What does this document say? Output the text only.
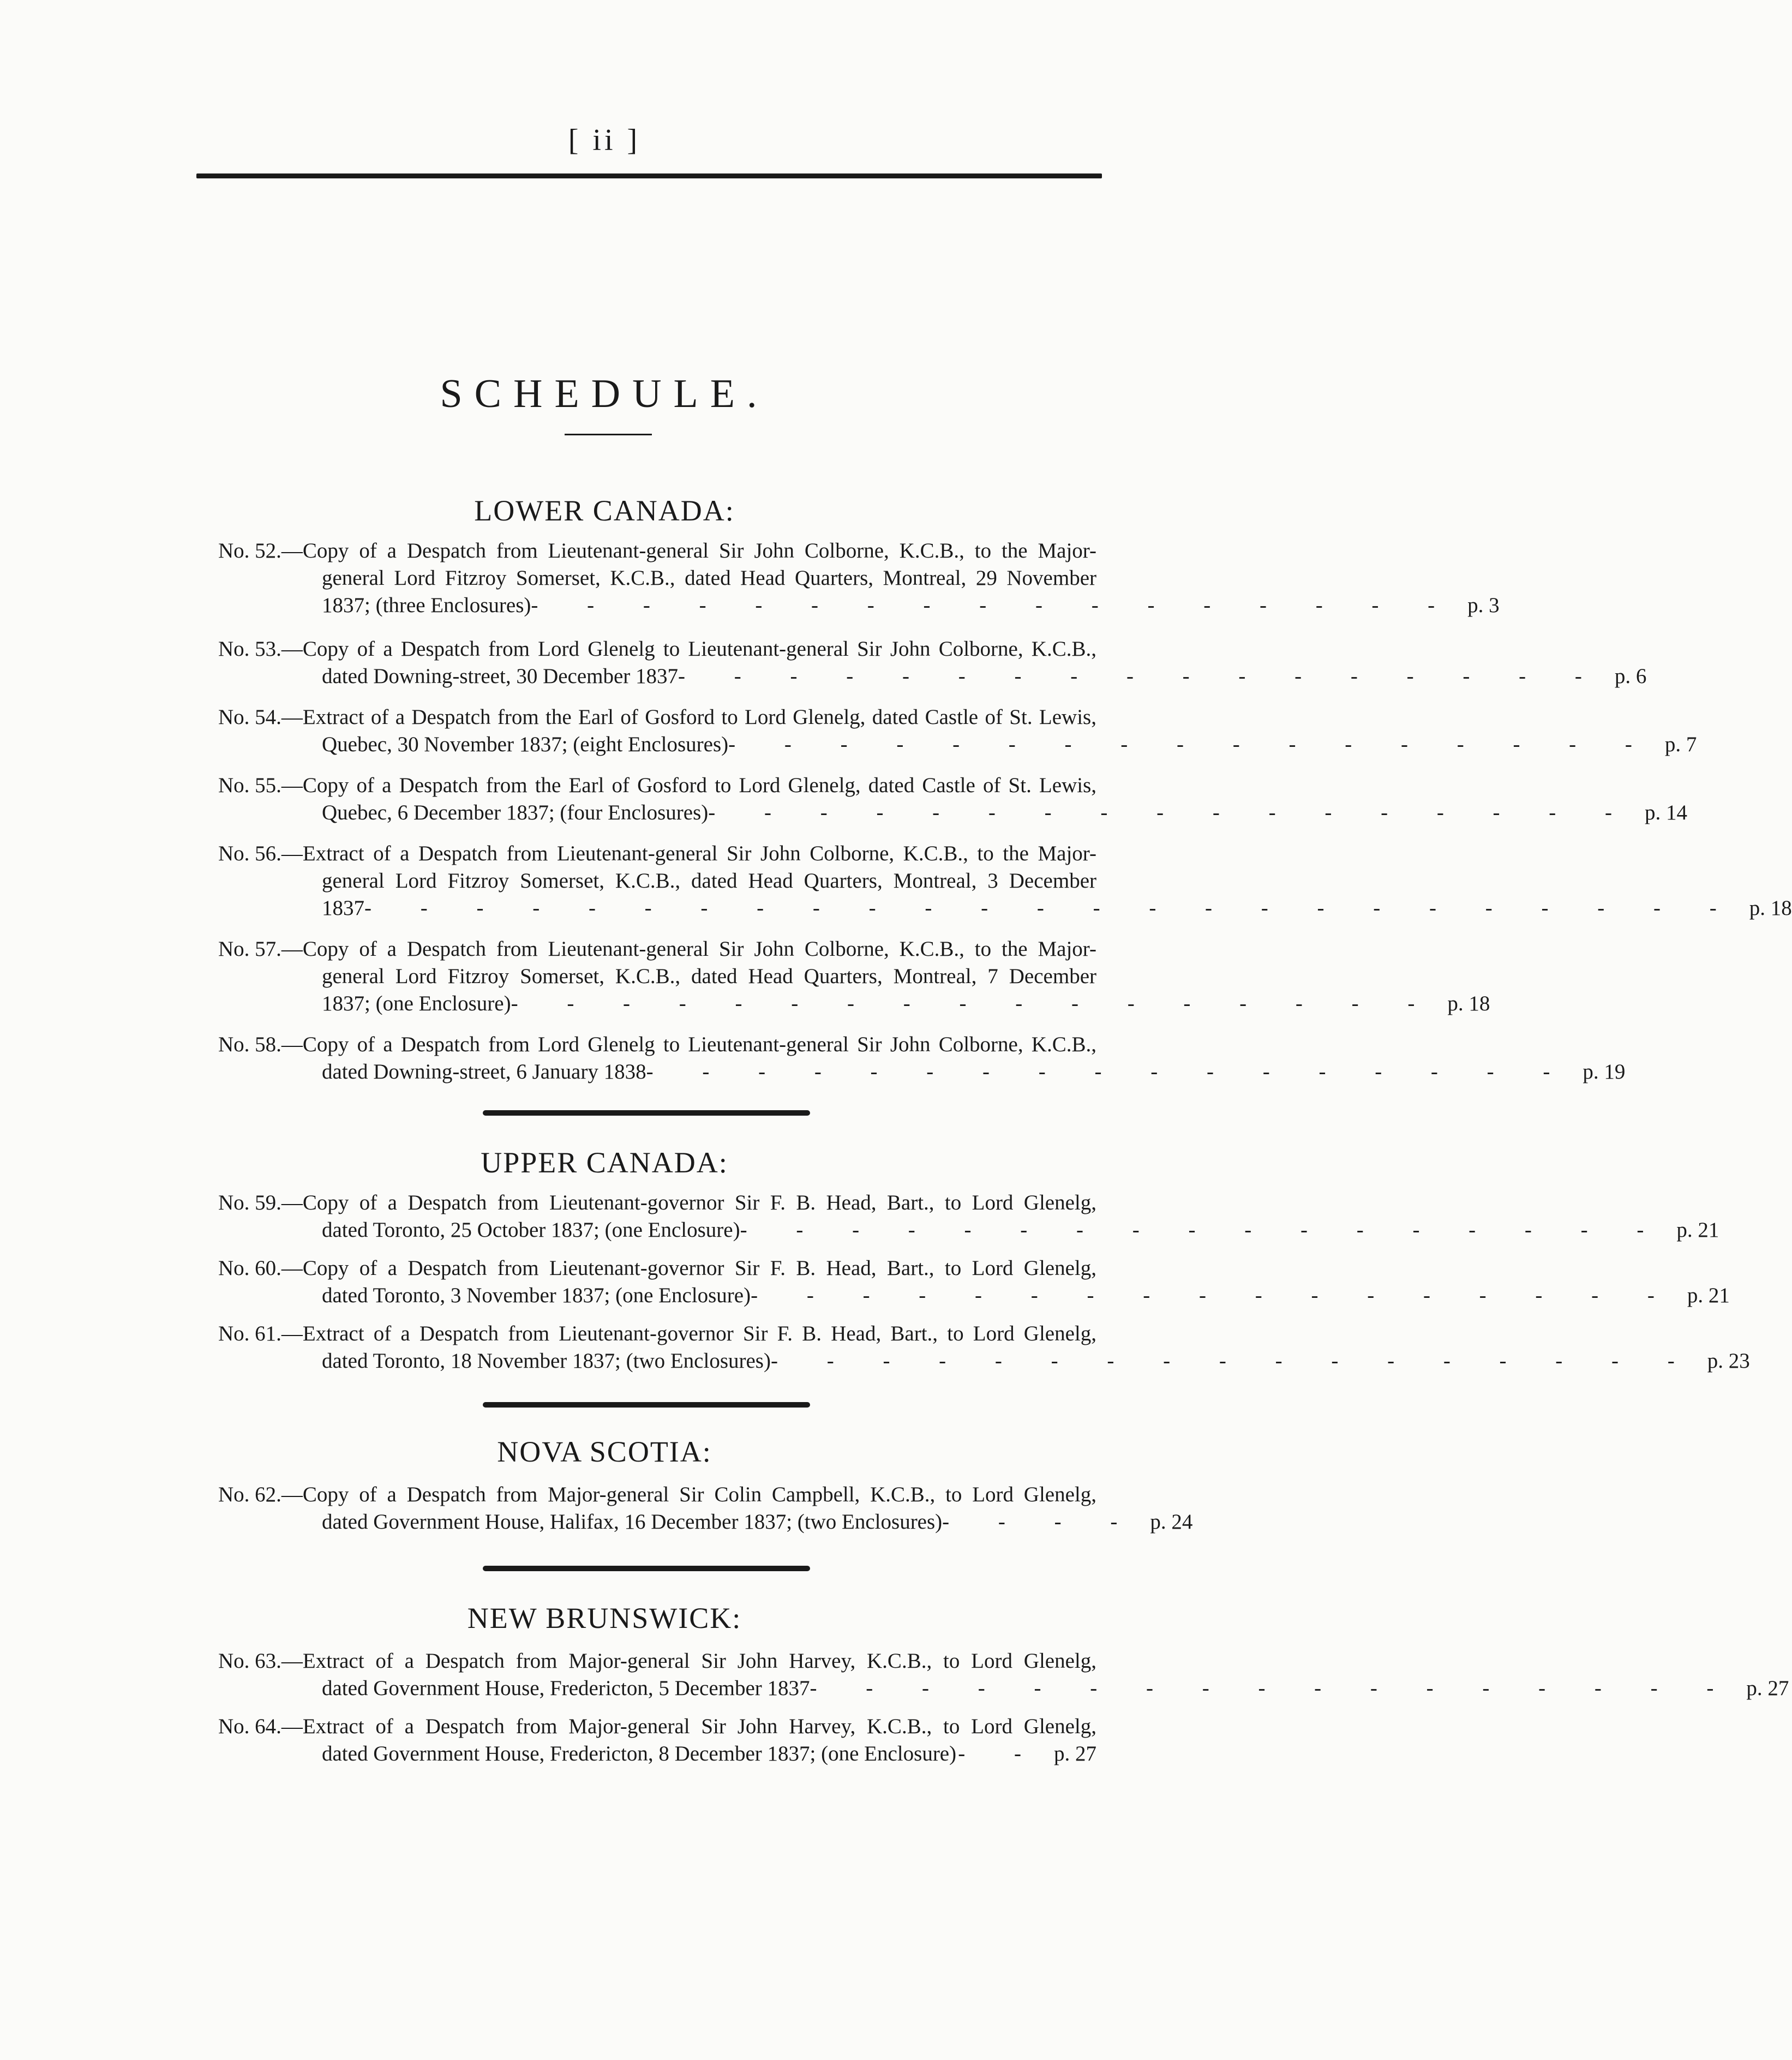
[ ii ]
SCHEDULE.
LOWER CANADA:
No. 52. —Copy of a Despatch from Lieutenant-general Sir John Colborne, K.C.B., to the Major-
general Lord Fitzroy Somerset, K.C.B., dated Head Quarters, Montreal, 29 November
1837; (three Enclosures) - - - - - - - - - - - - - - - - - p. 3
No. 53. —Copy of a Despatch from Lord Glenelg to Lieutenant-general Sir John Colborne, K.C.B.,
dated Downing-street, 30 December 1837 - - - - - - - - - - - - - - - - - p. 6
No. 54. —Extract of a Despatch from the Earl of Gosford to Lord Glenelg, dated Castle of St. Lewis,
Quebec, 30 November 1837; (eight Enclosures) - - - - - - - - - - - - - - - - - p. 7
No. 55. —Copy of a Despatch from the Earl of Gosford to Lord Glenelg, dated Castle of St. Lewis,
Quebec, 6 December 1837; (four Enclosures) - - - - - - - - - - - - - - - - - p. 14
No. 56. —Extract of a Despatch from Lieutenant-general Sir John Colborne, K.C.B., to the Major-
general Lord Fitzroy Somerset, K.C.B., dated Head Quarters, Montreal, 3 December
1837 - - - - - - - - - - - - - - - - - - - - - - - - - p. 18
No. 57. —Copy of a Despatch from Lieutenant-general Sir John Colborne, K.C.B., to the Major-
general Lord Fitzroy Somerset, K.C.B., dated Head Quarters, Montreal, 7 December
1837; (one Enclosure) - - - - - - - - - - - - - - - - - p. 18
No. 58. —Copy of a Despatch from Lord Glenelg to Lieutenant-general Sir John Colborne, K.C.B.,
dated Downing-street, 6 January 1838 - - - - - - - - - - - - - - - - - p. 19
UPPER CANADA:
No. 59. —Copy of a Despatch from Lieutenant-governor Sir F. B. Head, Bart., to Lord Glenelg,
dated Toronto, 25 October 1837; (one Enclosure) - - - - - - - - - - - - - - - - - p. 21
No. 60. —Copy of a Despatch from Lieutenant-governor Sir F. B. Head, Bart., to Lord Glenelg,
dated Toronto, 3 November 1837; (one Enclosure) - - - - - - - - - - - - - - - - - p. 21
No. 61. —Extract of a Despatch from Lieutenant-governor Sir F. B. Head, Bart., to Lord Glenelg,
dated Toronto, 18 November 1837; (two Enclosures) - - - - - - - - - - - - - - - - - p. 23
NOVA SCOTIA:
No. 62. —Copy of a Despatch from Major-general Sir Colin Campbell, K.C.B., to Lord Glenelg,
dated Government House, Halifax, 16 December 1837; (two Enclosures) - - - - p. 24
NEW BRUNSWICK:
No. 63. —Extract of a Despatch from Major-general Sir John Harvey, K.C.B., to Lord Glenelg,
dated Government House, Fredericton, 5 December 1837 - - - - - - - - - - - - - - - - - p. 27
No. 64. —Extract of a Despatch from Major-general Sir John Harvey, K.C.B., to Lord Glenelg,
dated Government House, Fredericton, 8 December 1837; (one Enclosure) - - p. 27
